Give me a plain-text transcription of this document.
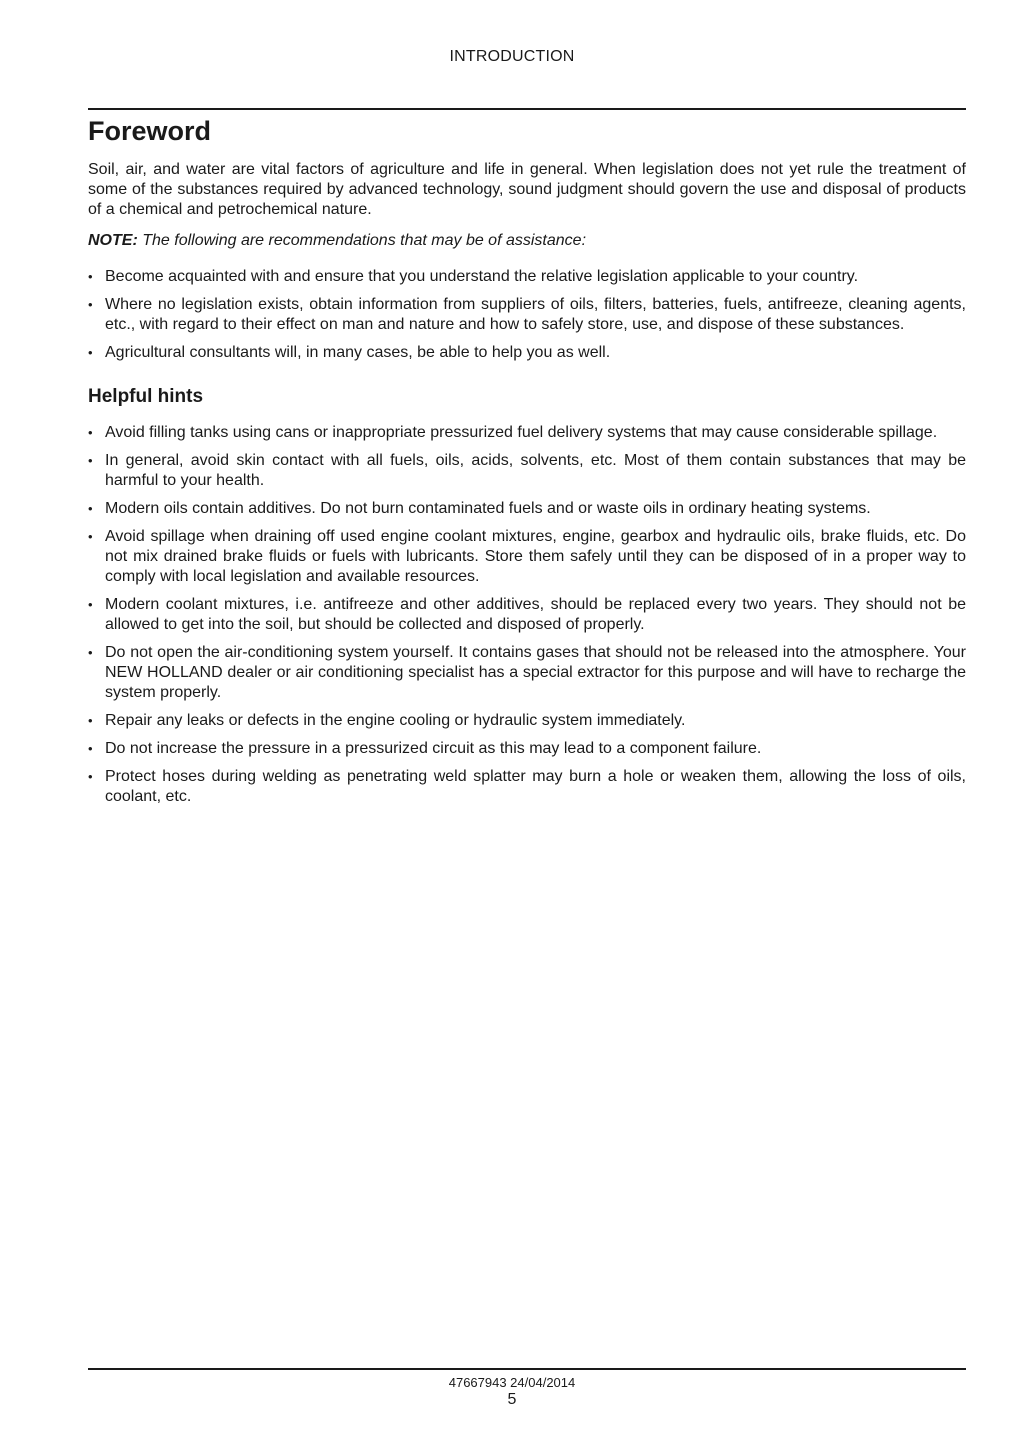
INTRODUCTION
Foreword

Soil, air, and water are vital factors of agriculture and life in general. When legislation does not yet rule the treatment of some of the substances required by advanced technology, sound judgment should govern the use and disposal of products of a chemical and petrochemical nature.

NOTE: The following are recommendations that may be of assistance:

• Become acquainted with and ensure that you understand the relative legislation applicable to your country.
• Where no legislation exists, obtain information from suppliers of oils, filters, batteries, fuels, antifreeze, cleaning agents, etc., with regard to their effect on man and nature and how to safely store, use, and dispose of these substances.
• Agricultural consultants will, in many cases, be able to help you as well.
Helpful hints
• Avoid filling tanks using cans or inappropriate pressurized fuel delivery systems that may cause considerable spillage.
• In general, avoid skin contact with all fuels, oils, acids, solvents, etc. Most of them contain substances that may be harmful to your health.
• Modern oils contain additives. Do not burn contaminated fuels and or waste oils in ordinary heating systems.
• Avoid spillage when draining off used engine coolant mixtures, engine, gearbox and hydraulic oils, brake fluids, etc. Do not mix drained brake fluids or fuels with lubricants. Store them safely until they can be disposed of in a proper way to comply with local legislation and available resources.
• Modern coolant mixtures, i.e. antifreeze and other additives, should be replaced every two years. They should not be allowed to get into the soil, but should be collected and disposed of properly.
• Do not open the air-conditioning system yourself. It contains gases that should not be released into the atmosphere. Your NEW HOLLAND dealer or air conditioning specialist has a special extractor for this purpose and will have to recharge the system properly.
• Repair any leaks or defects in the engine cooling or hydraulic system immediately.
• Do not increase the pressure in a pressurized circuit as this may lead to a component failure.
• Protect hoses during welding as penetrating weld splatter may burn a hole or weaken them, allowing the loss of oils, coolant, etc.
47667943 24/04/2014
5
